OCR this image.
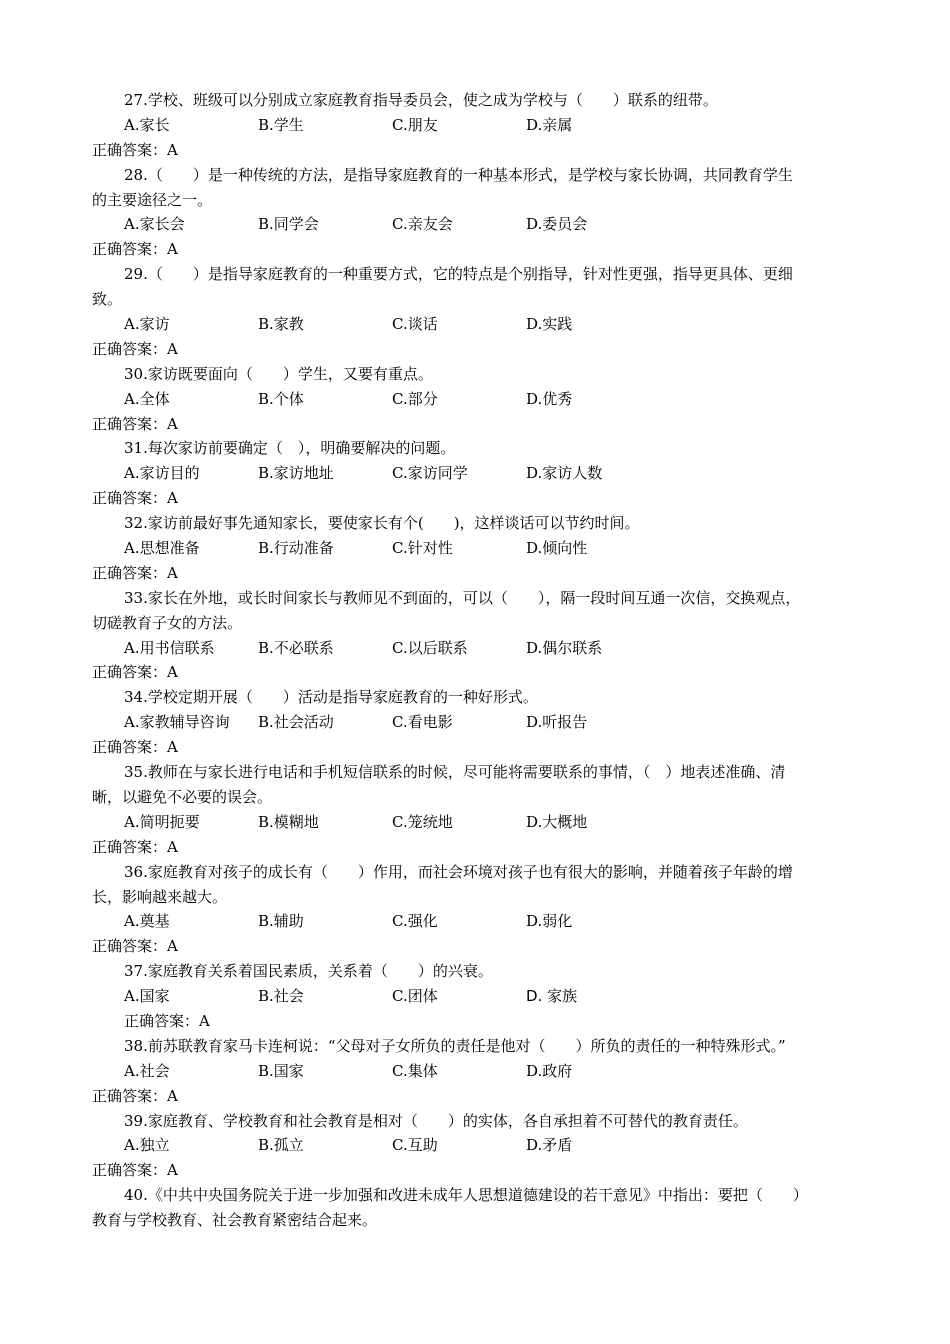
27.学校、班级可以分别成立家庭教育指导委员会，使之成为学校与（　　）联系的纽带。
A.家长	B.学生	C.朋友	D.亲属
正确答案：A
28.（　　）是一种传统的方法，是指导家庭教育的一种基本形式，是学校与家长协调，共同教育学生
的主要途径之一。
A.家长会	B.同学会	C.亲友会	D.委员会
正确答案：A
29.（　　）是指导家庭教育的一种重要方式，它的特点是个别指导，针对性更强，指导更具体、更细
致。
A.家访	B.家教	C.谈话	D.实践
正确答案：A
30.家访既要面向（　　）学生，又要有重点。
A.全体	B.个体	C.部分	D.优秀
正确答案：A
31.每次家访前要确定（　），明确要解决的问题。
A.家访目的	B.家访地址	C.家访同学	D.家访人数
正确答案：A
32.家访前最好事先通知家长，要使家长有个(　　)，这样谈话可以节约时间。
A.思想准备	B.行动准备	C.针对性	D.倾向性
正确答案：A
33.家长在外地，或长时间家长与教师见不到面的，可以（　　），隔一段时间互通一次信，交换观点，
切磋教育子女的方法。
A.用书信联系	B.不必联系	C.以后联系	D.偶尔联系
正确答案：A
34.学校定期开展（　　）活动是指导家庭教育的一种好形式。
A.家教辅导咨询	B.社会活动	C.看电影	D.听报告
正确答案：A
35.教师在与家长进行电话和手机短信联系的时候，尽可能将需要联系的事情，（　）地表述准确、清
晰，以避免不必要的误会。
A.简明扼要	B.模糊地	C.笼统地	D.大概地
正确答案：A
36.家庭教育对孩子的成长有（　　）作用，而社会环境对孩子也有很大的影响，并随着孩子年龄的增
长，影响越来越大。
A.奠基	B.辅助	C.强化	D.弱化
正确答案：A
37.家庭教育关系着国民素质，关系着（　　）的兴衰。
A.国家	B.社会	C.团体	D. 家族
正确答案：A
38.前苏联教育家马卡连柯说：“父母对子女所负的责任是他对（　　）所负的责任的一种特殊形式。”
A.社会	B.国家	C.集体	D.政府
正确答案：A
39.家庭教育、学校教育和社会教育是相对（　　）的实体，各自承担着不可替代的教育责任。
A.独立	B.孤立	C.互助	D.矛盾
正确答案：A
40.《中共中央国务院关于进一步加强和改进未成年人思想道德建设的若干意见》中指出：要把（　　）
教育与学校教育、社会教育紧密结合起来。
